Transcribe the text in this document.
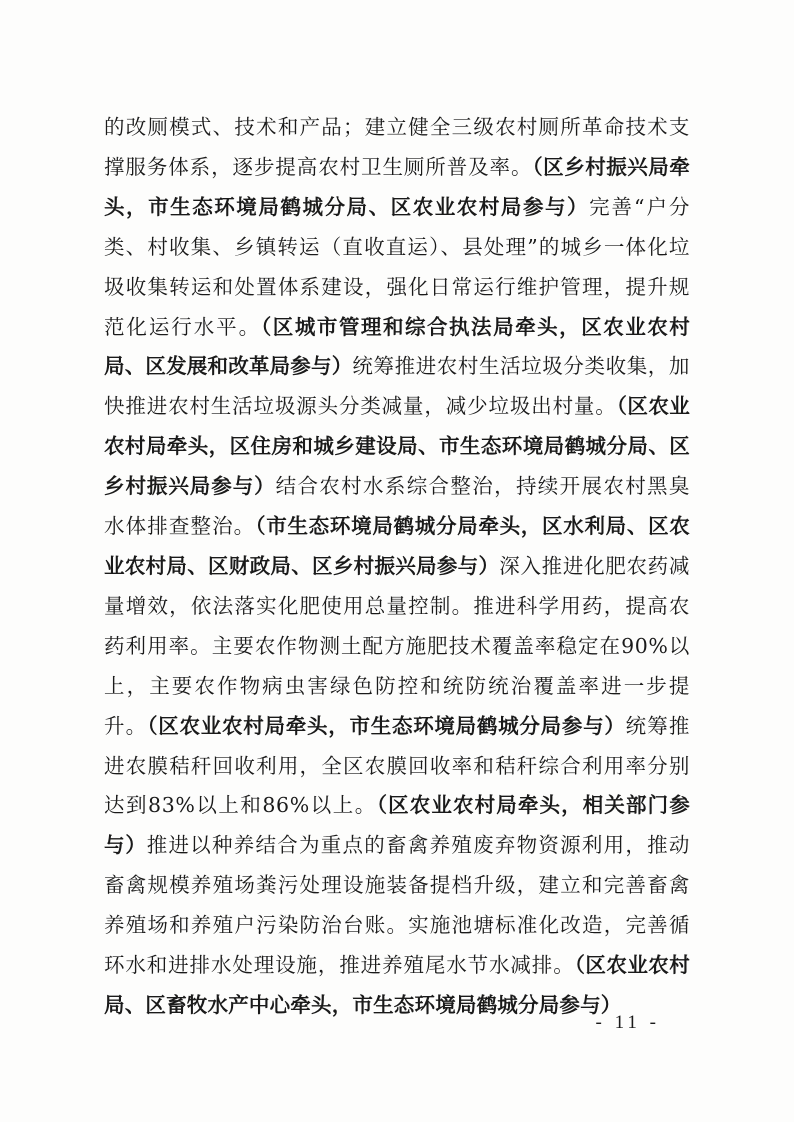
的改厕模式、技术和产品；建立健全三级农村厕所革命技术支撑服务体系，逐步提高农村卫生厕所普及率。（区乡村振兴局牵头，市生态环境局鹤城分局、区农业农村局参与）完善“户分类、村收集、乡镇转运（直收直运）、县处理”的城乡一体化垃圾收集转运和处置体系建设，强化日常运行维护管理，提升规范化运行水平。（区城市管理和综合执法局牵头，区农业农村局、区发展和改革局参与）统筹推进农村生活垃圾分类收集，加快推进农村生活垃圾源头分类减量，减少垃圾出村量。（区农业农村局牵头，区住房和城乡建设局、市生态环境局鹤城分局、区乡村振兴局参与）结合农村水系综合整治，持续开展农村黑臭水体排查整治。（市生态环境局鹤城分局牵头，区水利局、区农业农村局、区财政局、区乡村振兴局参与）深入推进化肥农药减量增效，依法落实化肥使用总量控制。推进科学用药，提高农药利用率。主要农作物测土配方施肥技术覆盖率稳定在90%以上，主要农作物病虫害绿色防控和统防统治覆盖率进一步提升。（区农业农村局牵头，市生态环境局鹤城分局参与）统筹推进农膜秸秆回收利用，全区农膜回收率和秸秆综合利用率分别达到83%以上和86%以上。（区农业农村局牵头，相关部门参与）推进以种养结合为重点的畜禽养殖废弃物资源利用，推动畜禽规模养殖场粪污处理设施装备提档升级，建立和完善畜禽养殖场和养殖户污染防治台账。实施池塘标准化改造，完善循环水和进排水处理设施，推进养殖尾水节水减排。（区农业农村局、区畜牧水产中心牵头，市生态环境局鹤城分局参与）

- 11 -
